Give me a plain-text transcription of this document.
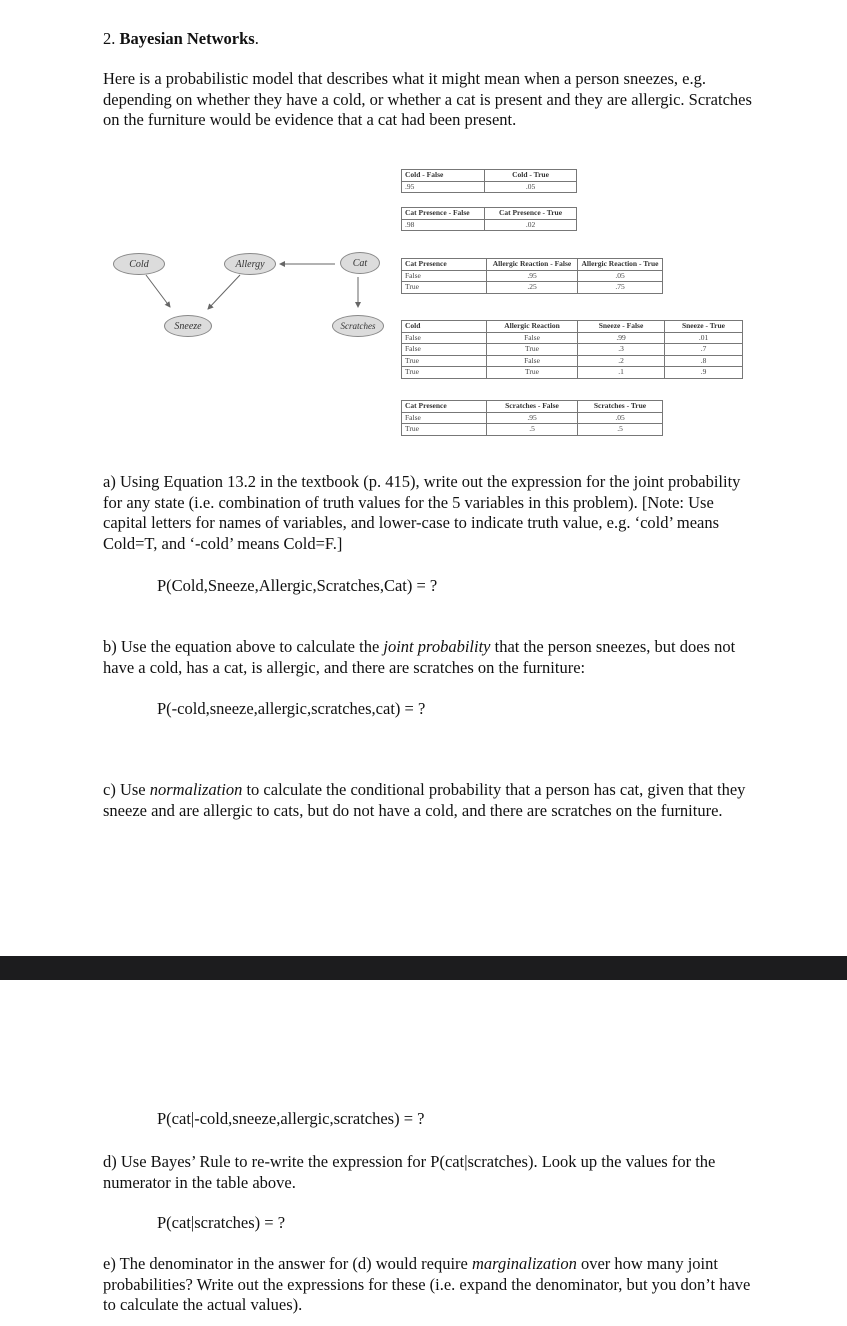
2. Bayesian Networks.

Here is a probabilistic model that describes what it might mean when a person sneezes, e.g. depending on whether they have a cold, or whether a cat is present and they are allergic. Scratches on the furniture would be evidence that a cat had been present.

Cold	Allergy	Cat
Sneeze	Scratches
Cold - False	Cold - True
.95	.05
Cat Presence - False	Cat Presence - True
.98	.02
Cat Presence	Allergic Reaction - False	Allergic Reaction - True
False	.95	.05
True	.25	.75
Cold	Allergic Reaction	Sneeze - False	Sneeze - True
False	False	.99	.01
False	True	.3	.7
True	False	.2	.8
True	True	.1	.9
Cat Presence	Scratches - False	Scratches - True
False	.95	.05
True	.5	.5

a) Using Equation 13.2 in the textbook (p. 415), write out the expression for the joint probability for any state (i.e. combination of truth values for the 5 variables in this problem). [Note: Use capital letters for names of variables, and lower-case to indicate truth value, e.g. ‘cold’ means Cold=T, and ‘-cold’ means Cold=F.]

P(Cold,Sneeze,Allergic,Scratches,Cat) = ?

b) Use the equation above to calculate the joint probability that the person sneezes, but does not have a cold, has a cat, is allergic, and there are scratches on the furniture:

P(-cold,sneeze,allergic,scratches,cat) = ?

c) Use normalization to calculate the conditional probability that a person has cat, given that they sneeze and are allergic to cats, but do not have a cold, and there are scratches on the furniture.

P(cat|-cold,sneeze,allergic,scratches) = ?

d) Use Bayes’ Rule to re-write the expression for P(cat|scratches). Look up the values for the numerator in the table above.

P(cat|scratches) = ?

e) The denominator in the answer for (d) would require marginalization over how many joint probabilities? Write out the expressions for these (i.e. expand the denominator, but you don’t have to calculate the actual values).
